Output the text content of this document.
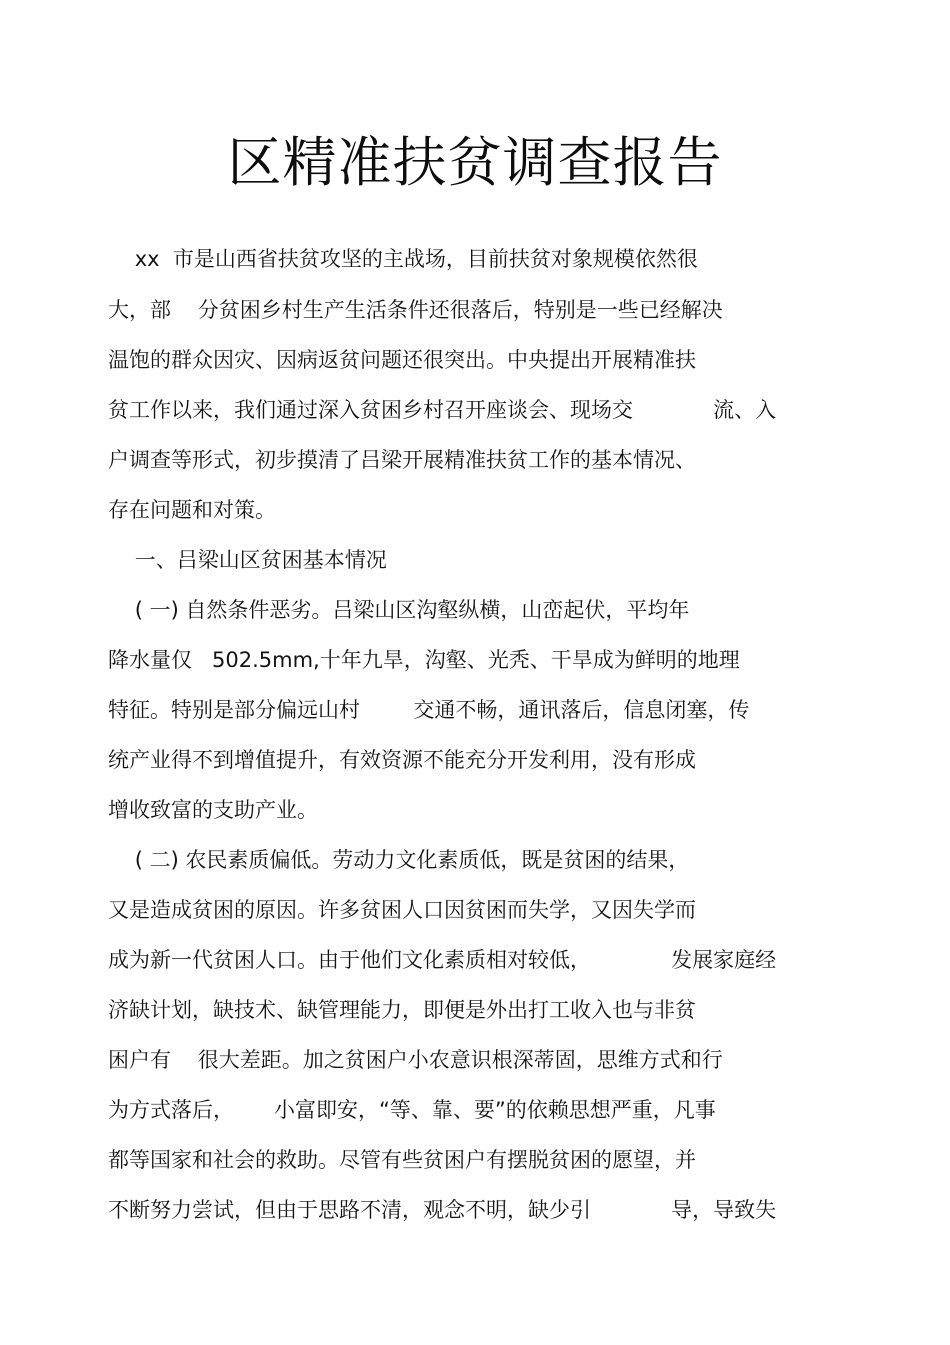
区精准扶贫调查报告
xx  市是山西省扶贫攻坚的主战场，目前扶贫对象规模依然很
大，部    分贫困乡村生产生活条件还很落后，特别是一些已经解决
温饱的群众因灾、因病返贫问题还很突出。中央提出开展精准扶
贫工作以来，我们通过深入贫困乡村召开座谈会、现场交            流、入
户调查等形式，初步摸清了吕梁开展精准扶贫工作的基本情况、
存在问题和对策。
一、吕梁山区贫困基本情况
( 一) 自然条件恶劣。吕梁山区沟壑纵横，山峦起伏，平均年
降水量仅   502.5mm,十年九旱，沟壑、光秃、干旱成为鲜明的地理
特征。特别是部分偏远山村        交通不畅，通讯落后，信息闭塞，传
统产业得不到增值提升，有效资源不能充分开发利用，没有形成
增收致富的支助产业。
( 二) 农民素质偏低。劳动力文化素质低，既是贫困的结果，
又是造成贫困的原因。许多贫困人口因贫困而失学，又因失学而
成为新一代贫困人口。由于他们文化素质相对较低，            发展家庭经
济缺计划，缺技术、缺管理能力，即便是外出打工收入也与非贫
困户有    很大差距。加之贫困户小农意识根深蒂固，思维方式和行
为方式落后，      小富即安，“等、靠、要”的依赖思想严重，凡事
都等国家和社会的救助。尽管有些贫困户有摆脱贫困的愿望，并
不断努力尝试，但由于思路不清，观念不明，缺少引            导，导致失
